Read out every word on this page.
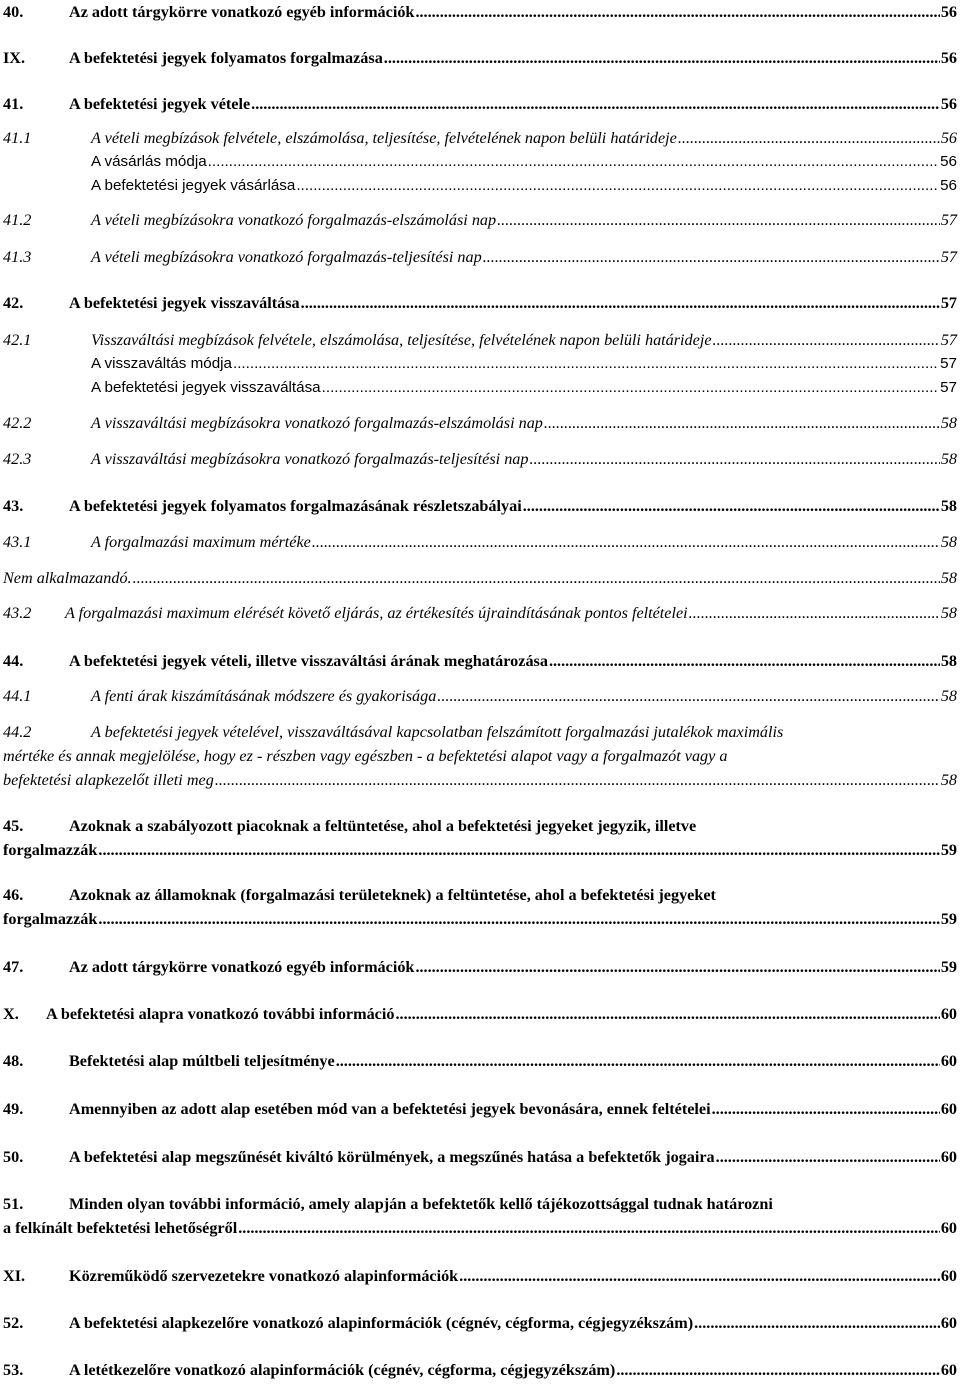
40.	Az adott tárgykörre vonatkozó egyéb információk .....	56
IX.	A befektetési jegyek folyamatos forgalmazása .....	56
41.	A befektetési jegyek vétele .....	56
41.1	A vételi megbízások felvétele, elszámolása, teljesítése, felvételének napon belüli határideje .....	56
A vásárlás módja .....	56
A befektetési jegyek vásárlása .....	56
41.2	A vételi megbízásokra vonatkozó forgalmazás-elszámolási nap .....	57
41.3	A vételi megbízásokra vonatkozó forgalmazás-teljesítési nap .....	57
42.	A befektetési jegyek visszaváltása .....	57
42.1	Visszaváltási megbízások felvétele, elszámolása, teljesítése, felvételének napon belüli határideje .....	57
A visszaváltás módja .....	57
A befektetési jegyek visszaváltása .....	57
42.2	A visszaváltási megbízásokra vonatkozó forgalmazás-elszámolási nap .....	58
42.3	A visszaváltási megbízásokra vonatkozó forgalmazás-teljesítési nap .....	58
43.	A befektetési jegyek folyamatos forgalmazásának részletszabályai .....	58
43.1	A forgalmazási maximum mértéke .....	58
Nem alkalmazandó. .....	58
43.2	A forgalmazási maximum elérését követő eljárás, az értékesítés újraindításának pontos feltételei .....	58
44.	A befektetési jegyek vételi, illetve visszaváltási árának meghatározása .....	58
44.1	A fenti árak kiszámításának módszere és gyakorisága .....	58
44.2	A befektetési jegyek vételével, visszaváltásával kapcsolatban felszámított forgalmazási jutalékok maximális
mértéke és annak megjelölése, hogy ez - részben vagy egészben - a befektetési alapot vagy a forgalmazót vagy a
befektetési alapkezelőt illeti meg .....	58
45.	Azoknak a szabályozott piacoknak a feltüntetése, ahol a befektetési jegyeket jegyzik, illetve
forgalmazzák .....	59
46.	Azoknak az államoknak (forgalmazási területeknek) a feltüntetése, ahol a befektetési jegyeket
forgalmazzák .....	59
47.	Az adott tárgykörre vonatkozó egyéb információk .....	59
X.	A befektetési alapra vonatkozó további információ .....	60
48.	Befektetési alap múltbeli teljesítménye .....	60
49.	Amennyiben az adott alap esetében mód van a befektetési jegyek bevonására, ennek feltételei .....	60
50.	A befektetési alap megszűnését kiváltó körülmények, a megszűnés hatása a befektetők jogaira .....	60
51.	Minden olyan további információ, amely alapján a befektetők kellő tájékozottsággal tudnak határozni
a felkínált befektetési lehetőségről .....	60
XI.	Közreműködő szervezetekre vonatkozó alapinformációk .....	60
52.	A befektetési alapkezelőre vonatkozó alapinformációk (cégnév, cégforma, cégjegyzékszám) .....	60
53.	A letétkezelőre vonatkozó alapinformációk (cégnév, cégforma, cégjegyzékszám) .....	60
